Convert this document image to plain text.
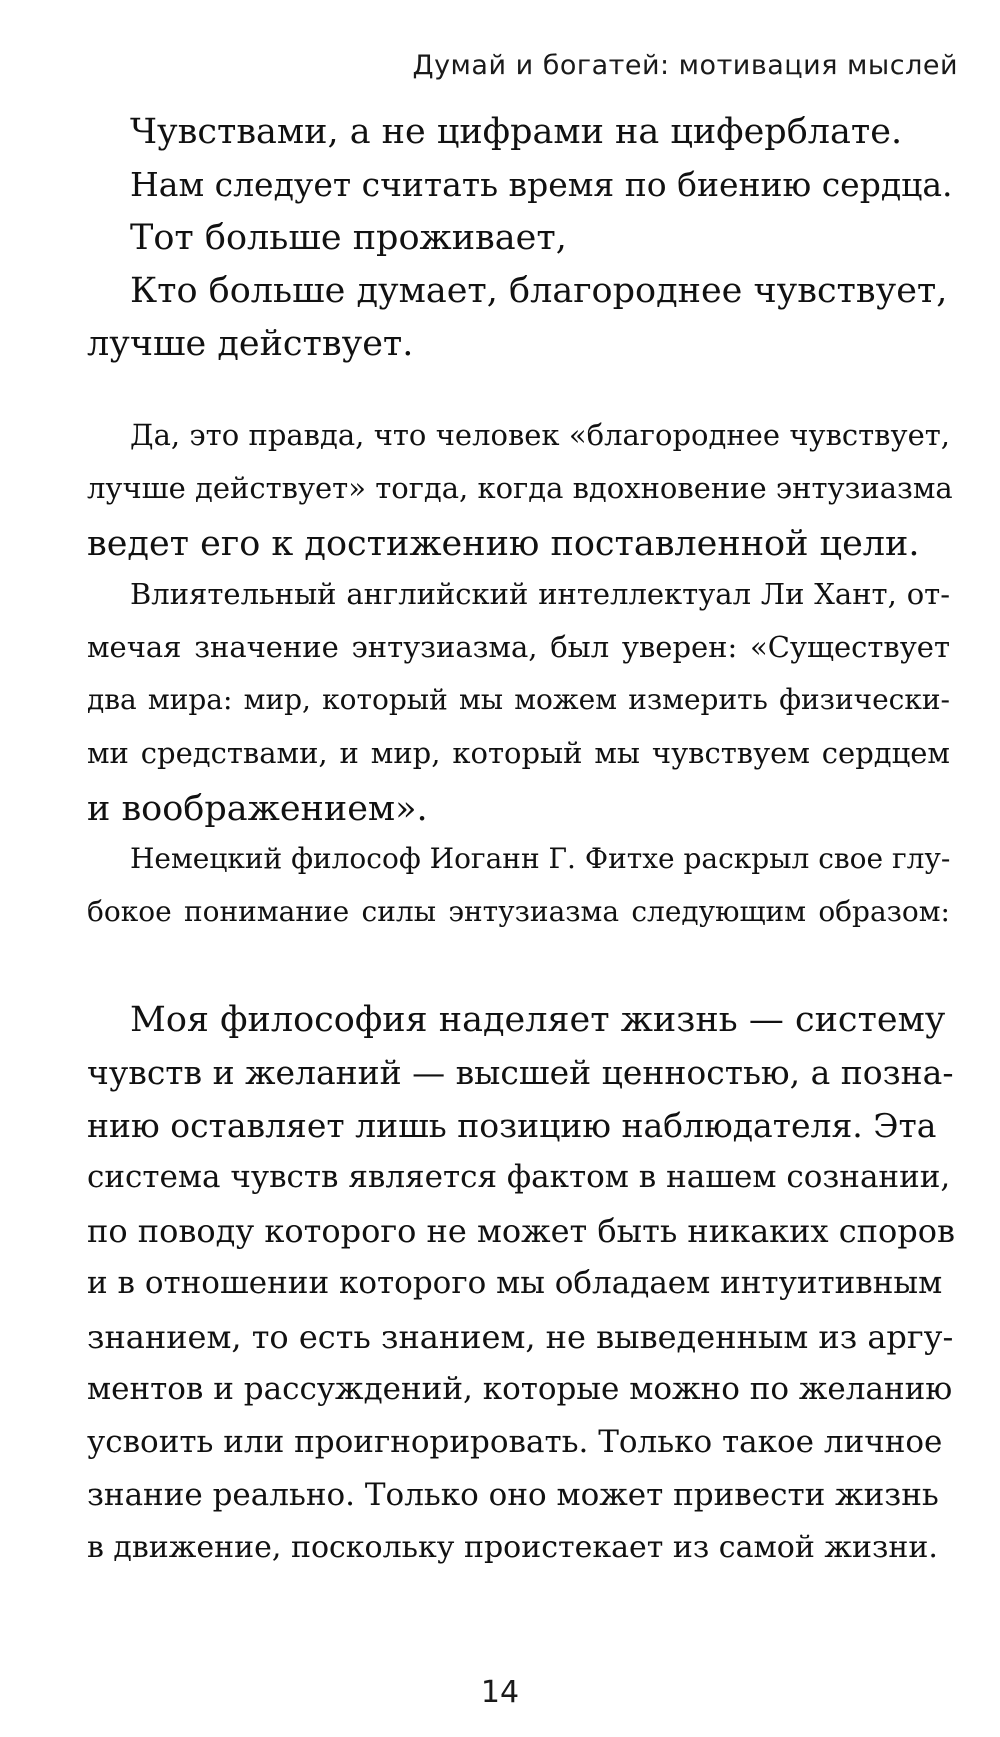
Думай и богатей: мотивация мыслей
Чувствами, а не цифрами на циферблате.
Нам следует считать время по биению сердца.
Тот больше проживает,
Кто больше думает, благороднее чувствует,
лучше действует.
Да, это правда, что человек «благороднее чувствует,
лучше действует» тогда, когда вдохновение энтузиазма
ведет его к достижению поставленной цели.
Влиятельный английский интеллектуал Ли Хант, от-
мечая значение энтузиазма, был уверен: «Существует
два мира: мир, который мы можем измерить физически-
ми средствами, и мир, который мы чувствуем сердцем
и воображением».
Немецкий философ Иоганн Г. Фитхе раскрыл свое глу-
бокое понимание силы энтузиазма следующим образом:
Моя философия наделяет жизнь — систему
чувств и желаний — высшей ценностью, а позна-
нию оставляет лишь позицию наблюдателя. Эта
система чувств является фактом в нашем сознании,
по поводу которого не может быть никаких споров
и в отношении которого мы обладаем интуитивным
знанием, то есть знанием, не выведенным из аргу-
ментов и рассуждений, которые можно по желанию
усвоить или проигнорировать. Только такое личное
знание реально. Только оно может привести жизнь
в движение, поскольку проистекает из самой жизни.
14
